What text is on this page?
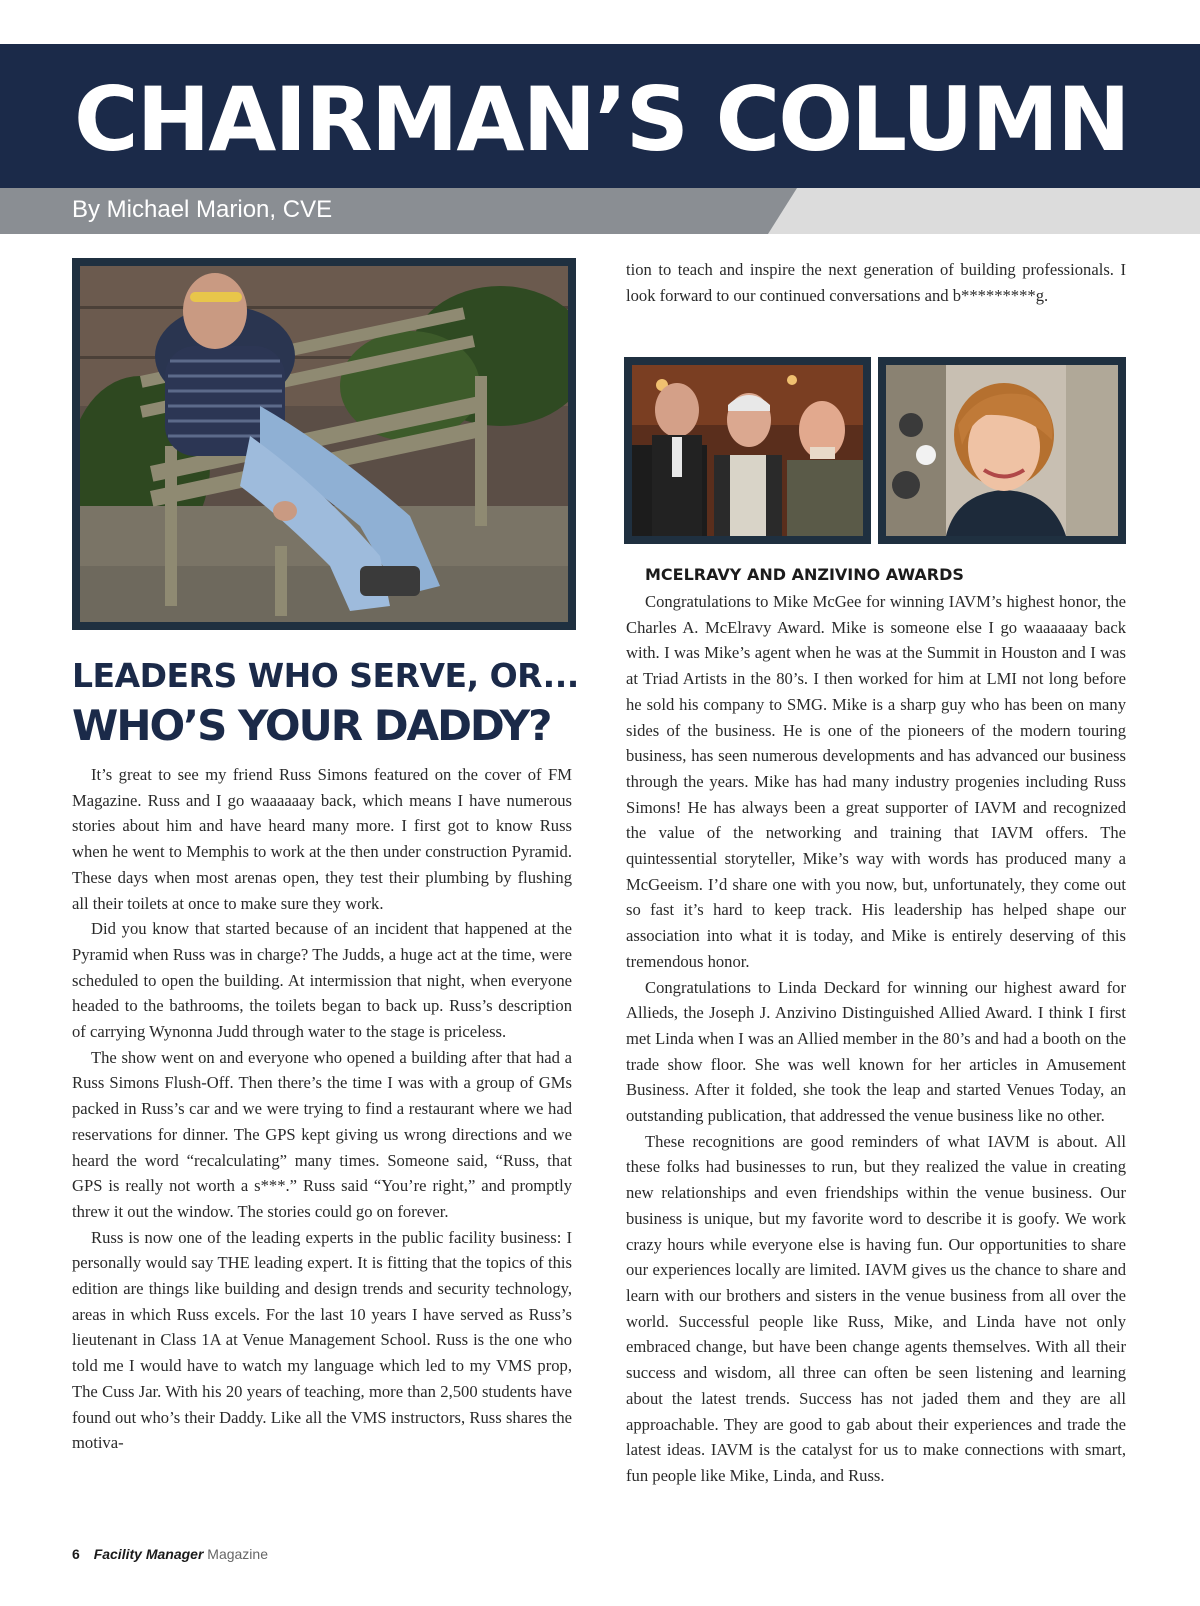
CHAIRMAN’S COLUMN
By Michael Marion, CVE

tion to teach and inspire the next generation of building professionals. I look forward to our continued conversations and b*********g.

LEADERS WHO SERVE, OR...
WHO’S YOUR DADDY?

It’s great to see my friend Russ Simons featured on the cover of FM Magazine. Russ and I go waaaaaay back, which means I have numerous stories about him and have heard many more. I first got to know Russ when he went to Memphis to work at the then under construction Pyramid. These days when most arenas open, they test their plumbing by flushing all their toilets at once to make sure they work.

Did you know that started because of an incident that happened at the Pyramid when Russ was in charge? The Judds, a huge act at the time, were scheduled to open the building. At intermission that night, when everyone headed to the bathrooms, the toilets began to back up. Russ’s description of carrying Wynonna Judd through water to the stage is priceless.

The show went on and everyone who opened a building after that had a Russ Simons Flush-Off. Then there’s the time I was with a group of GMs packed in Russ’s car and we were trying to find a restaurant where we had reservations for dinner. The GPS kept giving us wrong directions and we heard the word “recalculating” many times. Someone said, “Russ, that GPS is really not worth a s***.” Russ said “You’re right,” and promptly threw it out the window. The stories could go on forever.

Russ is now one of the leading experts in the public facility business: I personally would say THE leading expert. It is fitting that the topics of this edition are things like building and design trends and security technology, areas in which Russ excels. For the last 10 years I have served as Russ’s lieutenant in Class 1A at Venue Management School. Russ is the one who told me I would have to watch my language which led to my VMS prop, The Cuss Jar. With his 20 years of teaching, more than 2,500 students have found out who’s their Daddy. Like all the VMS instructors, Russ shares the motiva-

MCELRAVY AND ANZIVINO AWARDS

Congratulations to Mike McGee for winning IAVM’s highest honor, the Charles A. McElravy Award. Mike is someone else I go waaaaaay back with. I was Mike’s agent when he was at the Summit in Houston and I was at Triad Artists in the 80’s. I then worked for him at LMI not long before he sold his company to SMG. Mike is a sharp guy who has been on many sides of the business. He is one of the pioneers of the modern touring business, has seen numerous developments and has advanced our business through the years. Mike has had many industry progenies including Russ Simons! He has always been a great supporter of IAVM and recognized the value of the networking and training that IAVM offers. The quintessential storyteller, Mike’s way with words has produced many a McGeeism. I’d share one with you now, but, unfortunately, they come out so fast it’s hard to keep track. His leadership has helped shape our association into what it is today, and Mike is entirely deserving of this tremendous honor.

Congratulations to Linda Deckard for winning our highest award for Allieds, the Joseph J. Anzivino Distinguished Allied Award. I think I first met Linda when I was an Allied member in the 80’s and had a booth on the trade show floor. She was well known for her articles in Amusement Business. After it folded, she took the leap and started Venues Today, an outstanding publication, that addressed the venue business like no other.

These recognitions are good reminders of what IAVM is about. All these folks had businesses to run, but they realized the value in creating new relationships and even friendships within the venue business. Our business is unique, but my favorite word to describe it is goofy. We work crazy hours while everyone else is having fun. Our opportunities to share our experiences locally are limited. IAVM gives us the chance to share and learn with our brothers and sisters in the venue business from all over the world. Successful people like Russ, Mike, and Linda have not only embraced change, but have been change agents themselves. With all their success and wisdom, all three can often be seen listening and learning about the latest trends. Success has not jaded them and they are all approachable. They are good to gab about their experiences and trade the latest ideas. IAVM is the catalyst for us to make connections with smart, fun people like Mike, Linda, and Russ.

6 Facility Manager Magazine
